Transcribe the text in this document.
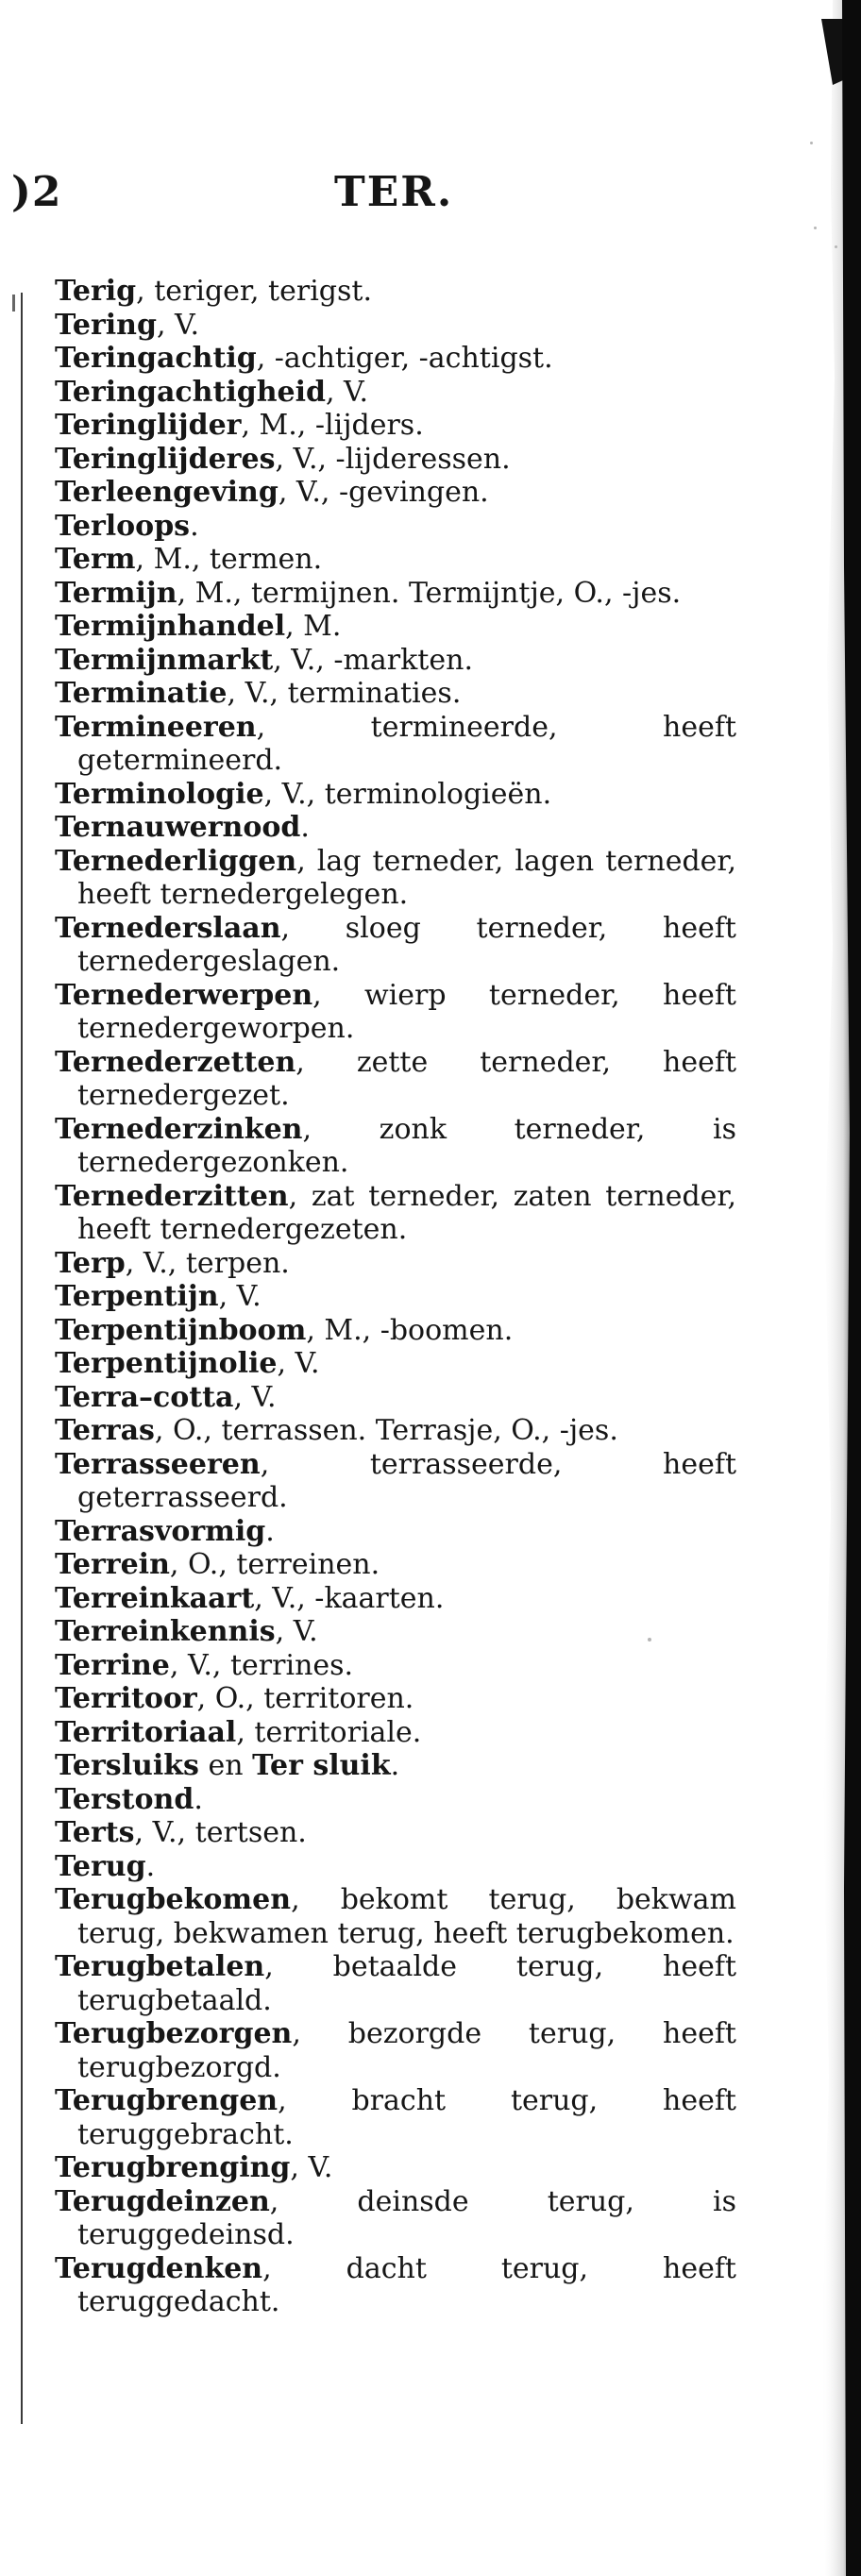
)2	TER.

Terig, teriger, terigst.

Tering, V.

Teringachtig, -achtiger, -achtigst.

Teringachtigheid, V.

Teringlijder, M., -lijders.

Teringlijderes, V., -lijderessen.

Terleengeving, V., -gevingen.

Terloops.

Term, M., termen.

Termijn, M., termijnen. Termijntje, O., -jes.

Termijnhandel, M.

Termijnmarkt, V., -markten.

Terminatie, V., terminaties.

Termineeren, termineerde, heeft getermineerd.

Terminologie, V., terminologieën.

Ternauwernood.

Ternederliggen, lag terneder, lagen terneder, heeft ternedergelegen.

Ternederslaan, sloeg terneder, heeft ternedergeslagen.

Ternederwerpen, wierp terneder, heeft ternedergeworpen.

Ternederzetten, zette terneder, heeft ternedergezet.

Ternederzinken, zonk terneder, is ternedergezonken.

Ternederzitten, zat terneder, zaten terneder, heeft ternedergezeten.

Terp, V., terpen.

Terpentijn, V.

Terpentijnboom, M., -boomen.

Terpentijnolie, V.

Terra–cotta, V.

Terras, O., terrassen. Terrasje, O., -jes.

Terrasseeren, terrasseerde, heeft geterrasseerd.

Terrasvormig.

Terrein, O., terreinen.

Terreinkaart, V., -kaarten.

Terreinkennis, V.

Terrine, V., terrines.

Territoor, O., territoren.

Territoriaal, territoriale.

Tersluiks en Ter sluik.

Terstond.

Terts, V., tertsen.

Terug.

Terugbekomen, bekomt terug, bekwam terug, bekwamen terug, heeft terugbekomen.

Terugbetalen, betaalde terug, heeft terugbetaald.

Terugbezorgen, bezorgde terug, heeft terugbezorgd.

Terugbrengen, bracht terug, heeft teruggebracht.

Terugbrenging, V.

Terugdeinzen, deinsde terug, is teruggedeinsd.

Terugdenken, dacht terug, heeft teruggedacht.
